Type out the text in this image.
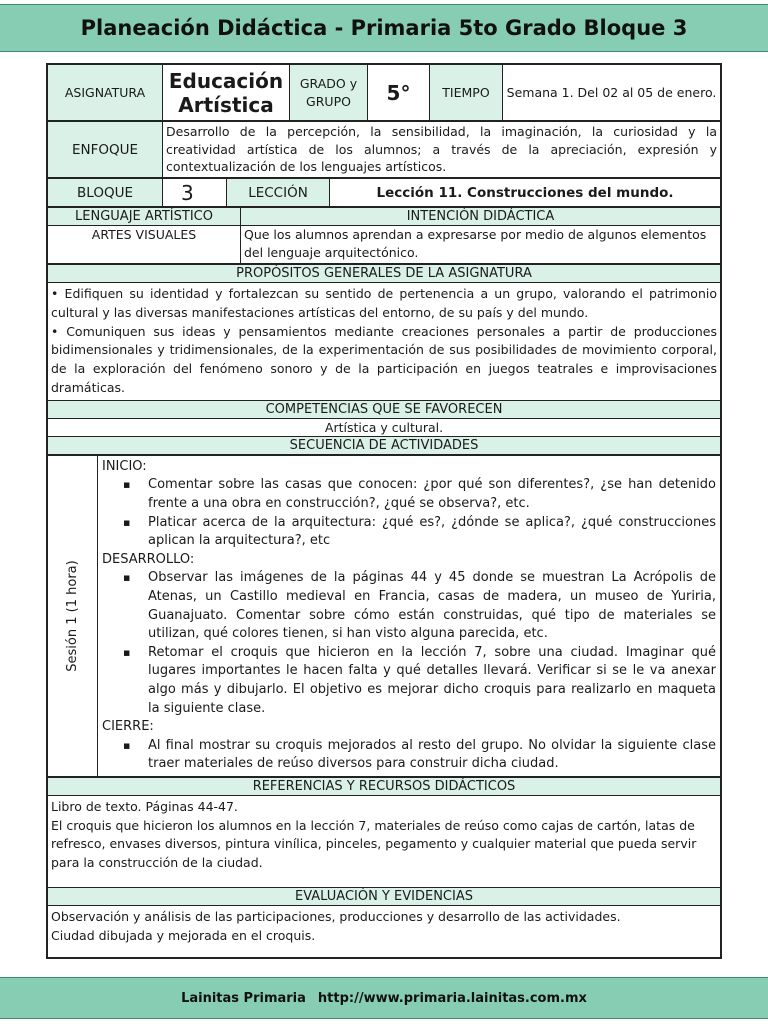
Planeación Didáctica - Primaria 5to Grado Bloque 3
ASIGNATURA	Educación Artística	GRADO y GRUPO	5°	TIEMPO	Semana 1. Del 02 al 05 de enero.
ENFOQUE	Desarrollo de la percepción, la sensibilidad, la imaginación, la curiosidad y la creatividad artística de los alumnos; a través de la apreciación, expresión y contextualización de los lenguajes artísticos.
BLOQUE	3	LECCIÓN	Lección 11. Construcciones del mundo.
LENGUAJE ARTÍSTICO	INTENCIÓN DIDÁCTICA
ARTES VISUALES	Que los alumnos aprendan a expresarse por medio de algunos elementos del lenguaje arquitectónico.
PROPÓSITOS GENERALES DE LA ASIGNATURA

• Edifiquen su identidad y fortalezcan su sentido de pertenencia a un grupo, valorando el patrimonio cultural y las diversas manifestaciones artísticas del entorno, de su país y del mundo.
• Comuniquen sus ideas y pensamientos mediante creaciones personales a partir de producciones bidimensionales y tridimensionales, de la experimentación de sus posibilidades de movimiento corporal, de la exploración del fenómeno sonoro y de la participación en juegos teatrales e improvisaciones dramáticas.

COMPETENCIAS QUE SE FAVORECEN
Artística y cultural.
SECUENCIA DE ACTIVIDADES
Sesión 1 (1 hora)

INICIO:
▪ Comentar sobre las casas que conocen: ¿por qué son diferentes?, ¿se han detenido frente a una obra en construcción?, ¿qué se observa?, etc.
▪ Platicar acerca de la arquitectura: ¿qué es?, ¿dónde se aplica?, ¿qué construcciones aplican la arquitectura?, etc
DESARROLLO:
▪ Observar las imágenes de la páginas 44 y 45 donde se muestran La Acrópolis de Atenas, un Castillo medieval en Francia, casas de madera, un museo de Yuriria, Guanajuato. Comentar sobre cómo están construidas, qué tipo de materiales se utilizan, qué colores tienen, si han visto alguna parecida, etc.
▪ Retomar el croquis que hicieron en la lección 7, sobre una ciudad. Imaginar qué lugares importantes le hacen falta y qué detalles llevará. Verificar si se le va anexar algo más y dibujarlo. El objetivo es mejorar dicho croquis para realizarlo en maqueta la siguiente clase.
CIERRE:
▪ Al final mostrar su croquis mejorados al resto del grupo. No olvidar la siguiente clase traer materiales de reúso diversos para construir dicha ciudad.
REFERENCIAS Y RECURSOS DIDÁCTICOS

Libro de texto. Páginas 44-47.
El croquis que hicieron los alumnos en la lección 7, materiales de reúso como cajas de cartón, latas de refresco, envases diversos, pintura vinílica, pinceles, pegamento y cualquier material que pueda servir para la construcción de la ciudad.

EVALUACIÓN Y EVIDENCIAS

Observación y análisis de las participaciones, producciones y desarrollo de las actividades.
Ciudad dibujada y mejorada en el croquis.
Lainitas Primaria http://www.primaria.lainitas.com.mx
